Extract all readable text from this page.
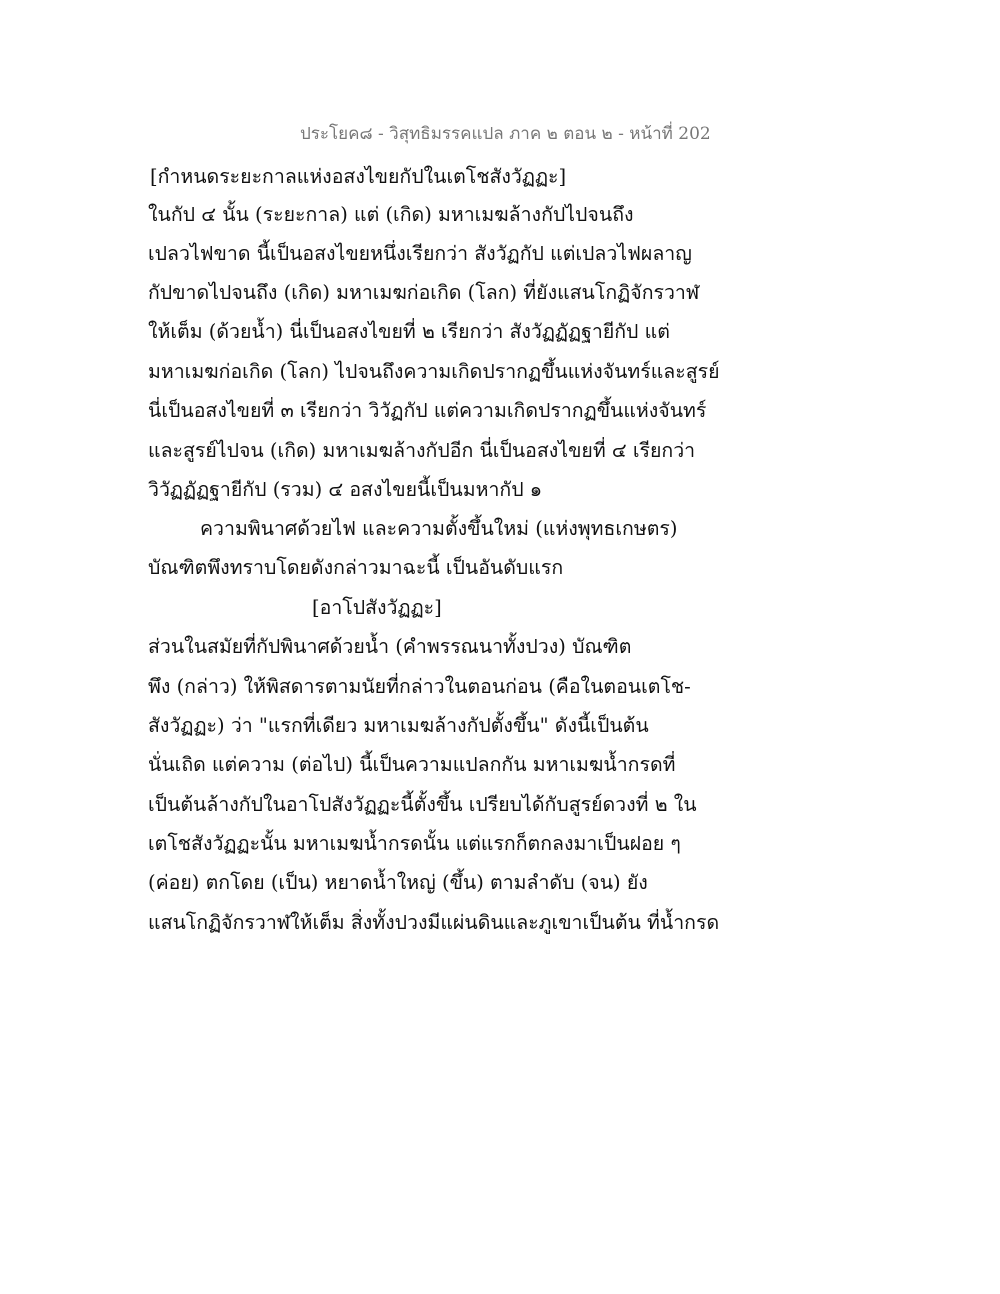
ประโยค๘ - วิสุทธิมรรคแปล ภาค ๒ ตอน ๒ - หน้าที่ 202
[กำหนดระยะกาลแห่งอสงไขยกัปในเตโชสังวัฏฏะ]
ในกัป ๔ นั้น (ระยะกาล) แต่ (เกิด) มหาเมฆล้างกัปไปจนถึง
เปลวไฟขาด นี้เป็นอสงไขยหนึ่งเรียกว่า สังวัฏกัป แต่เปลวไฟผลาญ
กัปขาดไปจนถึง (เกิด) มหาเมฆก่อเกิด (โลก) ที่ยังแสนโกฏิจักรวาฬ
ให้เต็ม (ด้วยน้ำ) นี่เป็นอสงไขยที่ ๒ เรียกว่า สังวัฏฏัฏฐายีกัป แต่
มหาเมฆก่อเกิด (โลก) ไปจนถึงความเกิดปรากฏขึ้นแห่งจันทร์และสูรย์
นี่เป็นอสงไขยที่ ๓ เรียกว่า วิวัฏกัป แต่ความเกิดปรากฏขึ้นแห่งจันทร์
และสูรย์ไปจน (เกิด) มหาเมฆล้างกัปอีก นี่เป็นอสงไขยที่ ๔ เรียกว่า
วิวัฏฏัฏฐายีกัป (รวม) ๔ อสงไขยนี้เป็นมหากัป ๑
ความพินาศด้วยไฟ และความตั้งขึ้นใหม่ (แห่งพุทธเกษตร)
บัณฑิตพึงทราบโดยดังกล่าวมาฉะนี้ เป็นอันดับแรก
[อาโปสังวัฏฏะ]
ส่วนในสมัยที่กัปพินาศด้วยน้ำ (คำพรรณนาทั้งปวง) บัณฑิต
พึง (กล่าว) ให้พิสดารตามนัยที่กล่าวในตอนก่อน (คือในตอนเตโช-
สังวัฏฏะ) ว่า "แรกที่เดียว มหาเมฆล้างกัปตั้งขึ้น" ดังนี้เป็นต้น
นั่นเถิด แต่ความ (ต่อไป) นี้เป็นความแปลกกัน มหาเมฆน้ำกรดที่
เป็นต้นล้างกัปในอาโปสังวัฏฏะนี้ตั้งขึ้น เปรียบได้กับสูรย์ดวงที่ ๒ ใน
เตโชสังวัฏฏะนั้น มหาเมฆน้ำกรดนั้น แต่แรกก็ตกลงมาเป็นฝอย ๆ
(ค่อย) ตกโดย (เป็น) หยาดน้ำใหญ่ (ขึ้น) ตามลำดับ (จน) ยัง
แสนโกฏิจักรวาฬให้เต็ม สิ่งทั้งปวงมีแผ่นดินและภูเขาเป็นต้น ที่น้ำกรด
